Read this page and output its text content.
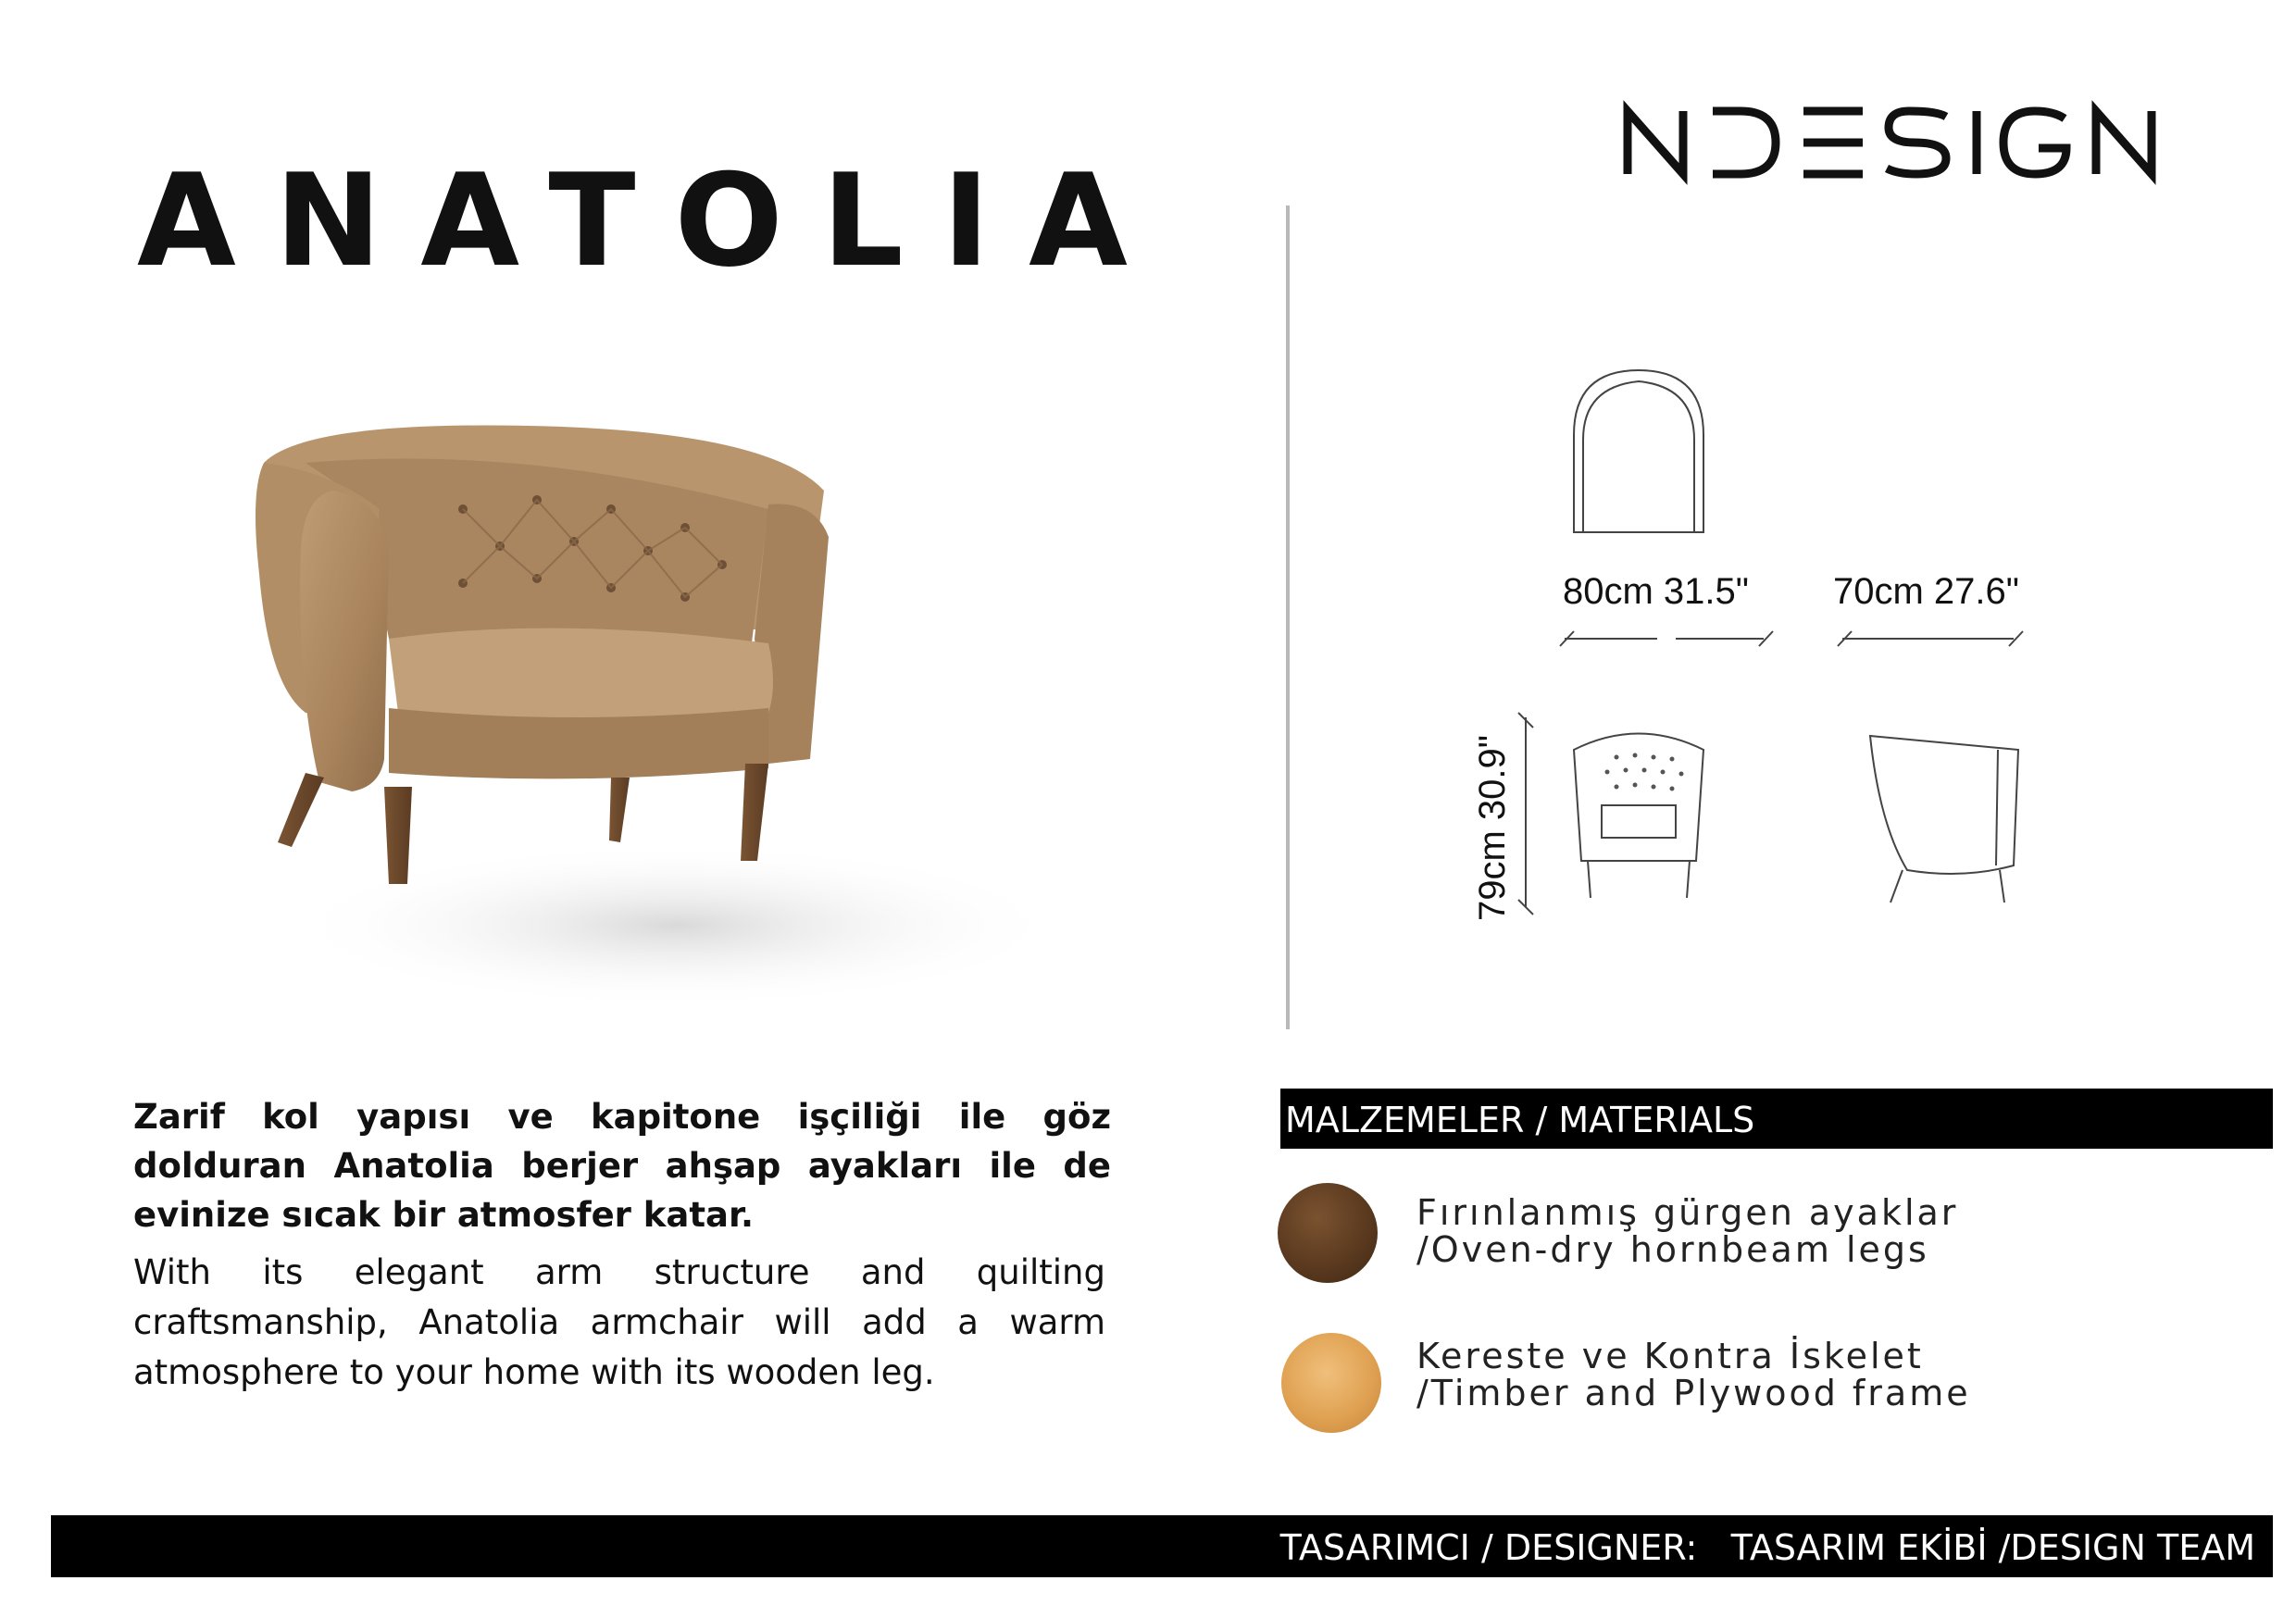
ANATOLIA
80cm 31.5" 70cm 27.6"
79cm 30.9"
Zarif kol yapısı ve kapitone işçiliği ile göz dolduran Anatolia berjer ahşap ayakları ile de evinize sıcak bir atmosfer katar.
With its elegant arm structure and quilting craftsmanship, Anatolia armchair will add a warm atmosphere to your home with its wooden leg.
MALZEMELER / MATERIALS
Fırınlanmış gürgen ayaklar
/Oven-dry hornbeam legs
Kereste ve Kontra İskelet
/Timber and Plywood frame
TASARIMCI / DESIGNER:   TASARIM EKİBİ /DESIGN TEAM
